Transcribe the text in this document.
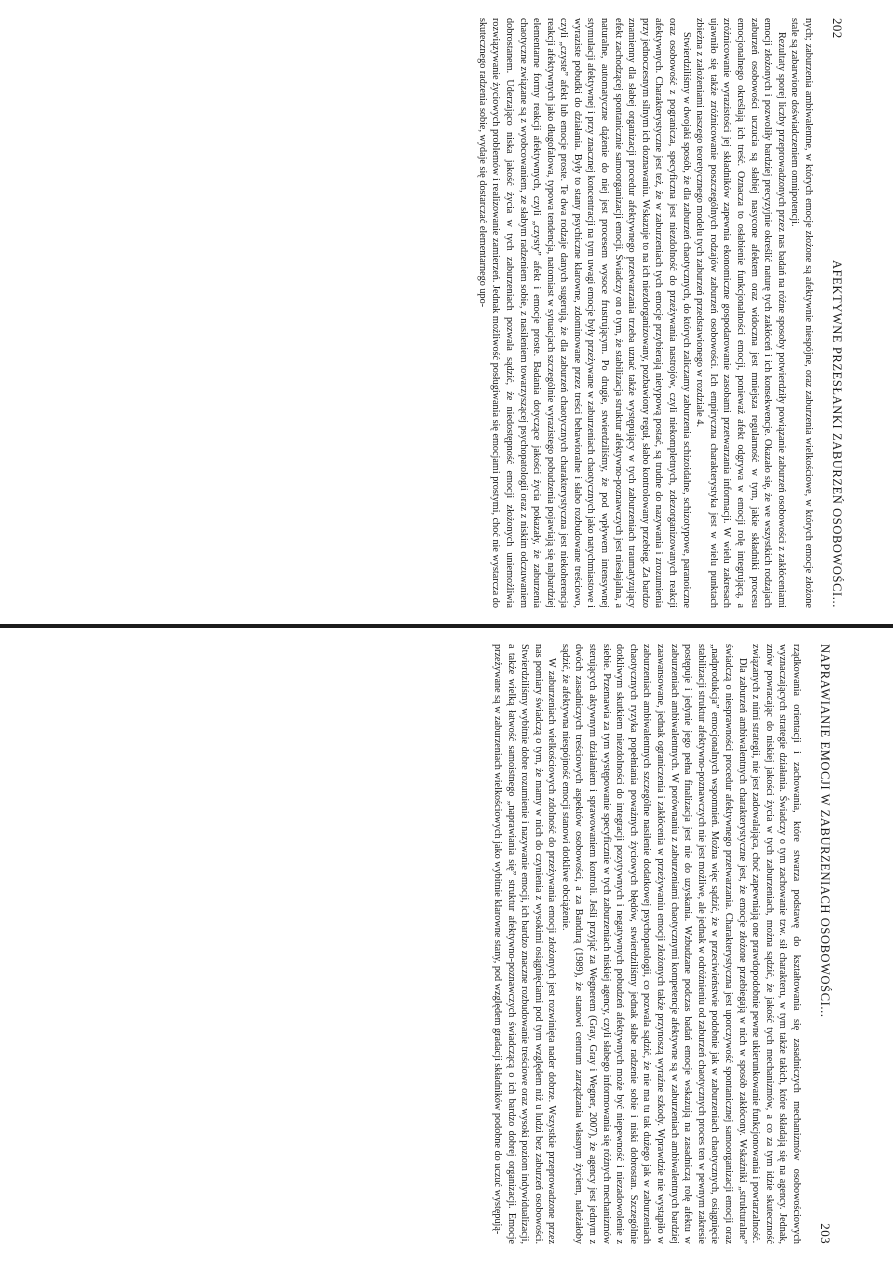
202
AFEKTYWNE PRZESŁANKI ZABURZEŃ OSOBOWOŚCI...

nych; zaburzenia ambiwalentne, w których emocje złożone są afektywnie niespójne, oraz zaburzenia wielkościowe, w których emocje złożone stale są zabarwione doświadczeniem omnipotencji.

Rezultaty sporej liczby przeprowadzonych przez nas badań na różne sposoby potwierdziły powiązanie zaburzeń osobowości z zakłóceniami emocji złożonych i pozwoliły bardziej precyzyjnie określić naturę tych zakłóceń i ich konsekwencje. Okazało się, że we wszystkich rodzajach zaburzeń osobowości uczucia są słabiej nasycone afektem oraz widoczna jest mniejsza regularność w tym, jakie składniki procesu emocjonalnego określają ich treść. Oznacza to osłabienie funkcjonalności emocji, ponieważ afekt odgrywa w emocji rolę integrującą, a zróżnicowanie wyrazistości jej składników zapewnia ekonomiczne gospodarowanie zasobami przetwarzania informacji. W wielu zakresach ujawniło się także zróżnicowanie poszczególnych rodzajów zaburzeń osobowości. Ich empiryczna charakterystyka jest w wielu punktach zbieżna z założeniami naszego teoretycznego modelu tych zaburzeń przedstawionego w rozdziale 4.

Stwierdziliśmy w dwojaki sposób, że dla zaburzeń chaotycznych, do których zaliczamy zaburzenia schizoidalne, schizotypowe, paranoiczne oraz osobowość z pogranicza, specyficzna jest niezdolność do przeżywania nastrojów, czyli niekompletnych, zdezorganizowanych reakcji afektywnych. Charakterystyczne jest też, że w zaburzeniach tych emocje przybierają nietypową postać, są trudne do nazywania i zrozumienia przy jednoczesnym silnym ich doznawaniu. Wskazuje to na ich niezdorganizowany, pozbawiony reguł, słabo kontrolowany przebieg. Za bardzo znamienny dla słabej organizacji procedur afektywnego przetwarzania trzeba uznać także występujący w tych zaburzeniach traumatyzujący efekt zachodzącej spontanicznie samoorganizacji emocji. Świadczy on o tym, że stabilizacja struktur afektywno-poznawczych jest niesłajalna, a naturalne, automatyczne dążenie do niej jest procesem wysoce frustrującym. Po drugie, stwierdziliśmy, że pod wpływem intensywnej stymulacji afektywnej i przy znacznej koncentracji na tym uwagi emocje były przeżywane w zaburzeniach chaotycznych jako natychmiastowe i wyraziste pobudki do działania. Były to stany psychiczne klarowne, zdominowane przez treści behawioralne i słabo rozbudowane treściowo, czyli „czyste” afekt lub emocje proste. Te dwa rodzaje danych sugerują, że dla zaburzeń chaotycznych charakterystyczna jest niekoherencja reakcji afektywnych jako długofalowa, typowa tendencja, natomiast w sytuacjach szczególnie wyrazistego pobudzenia pojawiają się najbardziej elementarne formy reakcji afektywnych, czyli „czysty” afekt i emocje proste. Badania dotyczące jakości życia pokazały, że zaburzenia chaotyczne związane są z wyobcowaniem, ze słabym radzeniem sobie, z nasileniem towarzyszącej psychopatologii oraz z niskim odczuwaniem dobrostanem. Uderzająco niska jakość życia w tych zaburzeniach pozwala sądzić, że niedostępność emocji złożonych uniemożliwia rozwiązywanie życiowych problemów i realizowanie zamierzeń. Jednak możliwość posługiwania się emocjami prostymi, choć nie wystarcza do skutecznego radzenia sobie, wydaje się dostarczać elementarnego upo-

NAPRAWIANIE EMOCJI W ZABURZENIACH OSOBOWOŚCI...
203

rządkowania orientacji i zachowania, które stwarza podstawę do kształtowania się zasadniczych mechanizmów osobowościowych wyznaczających strategie działania. Świadczy o tym zachowanie tzw. sił charakteru, w tym także takich, które składają się na agency. Jednak, znów powracając do niskiej jakości życia w tych zaburzeniach, można sądzić, że jakość tych mechanizmów, a co za tym idzie skuteczność związanych z nimi strategii, nie jest zadowalająca, choć zapewniają one prawdopodobnie pewne ukierunkowanie funkcjonowania i powtarzalność.

Dla zaburzeń ambiwalentnych charakterystyczne jest, że emocje złożone przebiegają w nich w sposób zakłócony. Wskaźniki „strukturalne” świadczą o niesprawności procedur afektywnego przetwarzania. Charakterystyczna jest uporczywość spontanicznej samoorganizacji emocji oraz „nadprodukcja” emocjonalnych wspomnień. Można więc sądzić, że w przeciwieństwie podobnie jak w zaburzeniach chaotycznych, osiągnięcie stabilizacji struktur afektywno-poznawczych nie jest możliwe, ale jednak w odróżnieniu od zaburzeń chaotycznych proces ten w pewnym zakresie postępuje i jedynie jego pełna finalizacja jest nie do uzyskania. Wzbudzane podczas badań emocje wskazują na zasadniczą rolę afektu w zaburzeniach ambiwalentnych. W porównaniu z zaburzeniami chaotycznymi kompetencje afektywne są w zaburzeniach ambiwalentnych bardziej zaawansowane, jednak ograniczenia i zakłócenia w przeżywaniu emocji złożonych także przynoszą wyraźne szkody. Wprawdzie nie wystąpiło w zaburzeniach ambiwalentnych szczególne nasilenie dodatkowej psychopatologii, co pozwala sądzić, że nie ma tu tak dużego jak w zaburzeniach chaotycznych ryzyka popełniania poważnych życiowych błędów, stwierdziliśmy jednak słabe radzenie sobie i niski dobrostan. Szczególnie dotkliwym skutkiem niezdolności do integracji pozytywnych i negatywnych pobudzeń afektywnych może być niepewność i niezadowolenie z siebie. Przemawia za tym występowanie specyficznie w tych zaburzeniach niskiej agency, czyli słabego informowania się różnych mechanizmów sterujących aktywnym działaniem i sprawowaniem kontroli. Jeśli przyjąć za Wegnerem (Gray, Gray i Wegner, 2007), że agency jest jednym z dwóch zasadniczych treściowych aspektów osobowości, a za Bandurą (1989), że stanowi centrum zarządzania własnym życiem, należałoby sądzić, że afektywna niespójność emocji stanowi dotkliwe obciążenie.

W zaburzeniach wielkościowych zdolność do przeżywania emocji złożonych jest rozwinięta nader dobrze. Wszystkie przeprowadzone przez nas pomiary świadczą o tym, że mamy w nich do czynienia z wysokimi osiągnięciami pod tym względem niż u ludzi bez zaburzeń osobowości. Stwierdziliśmy wybitnie dobre rozumienie i nazywanie emocji, ich bardzo znaczne rozbudowanie treściowe oraz wysoki poziom indywidualizacji, a także wielką łatwość samoistnego „naprawiania się” struktur afektywno-poznawczych świadczącą o ich bardzo dobrej organizacji. Emocje przeżywane są w zaburzeniach wielkościowych jako wybitnie klarowne stany, pod względem gradacji składników podobne do uczuć występują-
